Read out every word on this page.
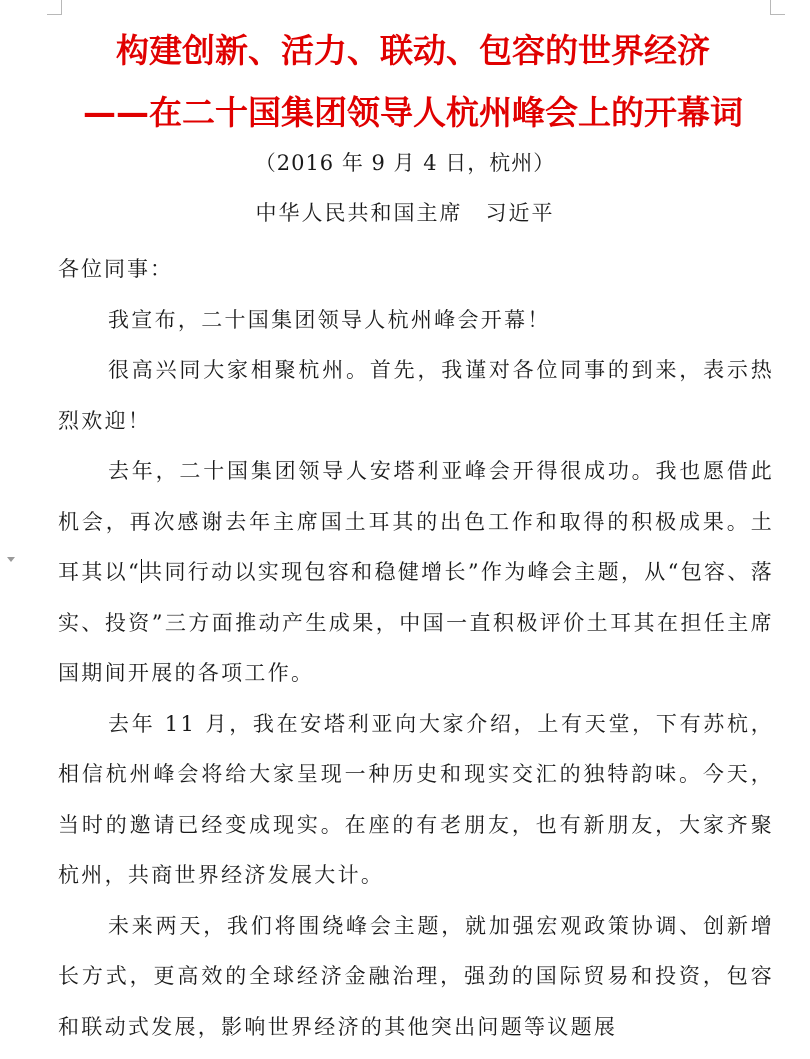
构建创新、活力、联动、包容的世界经济
——在二十国集团领导人杭州峰会上的开幕词
（2016 年 9 月 4 日，杭州）
中华人民共和国主席　习近平

各位同事：

我宣布，二十国集团领导人杭州峰会开幕！

很高兴同大家相聚杭州。首先，我谨对各位同事的到来，表示热烈欢迎！

去年，二十国集团领导人安塔利亚峰会开得很成功。我也愿借此机会，再次感谢去年主席国土耳其的出色工作和取得的积极成果。土耳其以“共同行动以实现包容和稳健增长”作为峰会主题，从“包容、落实、投资”三方面推动产生成果，中国一直积极评价土耳其在担任主席国期间开展的各项工作。

去年 11 月，我在安塔利亚向大家介绍，上有天堂，下有苏杭，相信杭州峰会将给大家呈现一种历史和现实交汇的独特韵味。今天，当时的邀请已经变成现实。在座的有老朋友，也有新朋友，大家齐聚杭州，共商世界经济发展大计。

未来两天，我们将围绕峰会主题，就加强宏观政策协调、创新增长方式，更高效的全球经济金融治理，强劲的国际贸易和投资，包容和联动式发展，影响世界经济的其他突出问题等议题展
